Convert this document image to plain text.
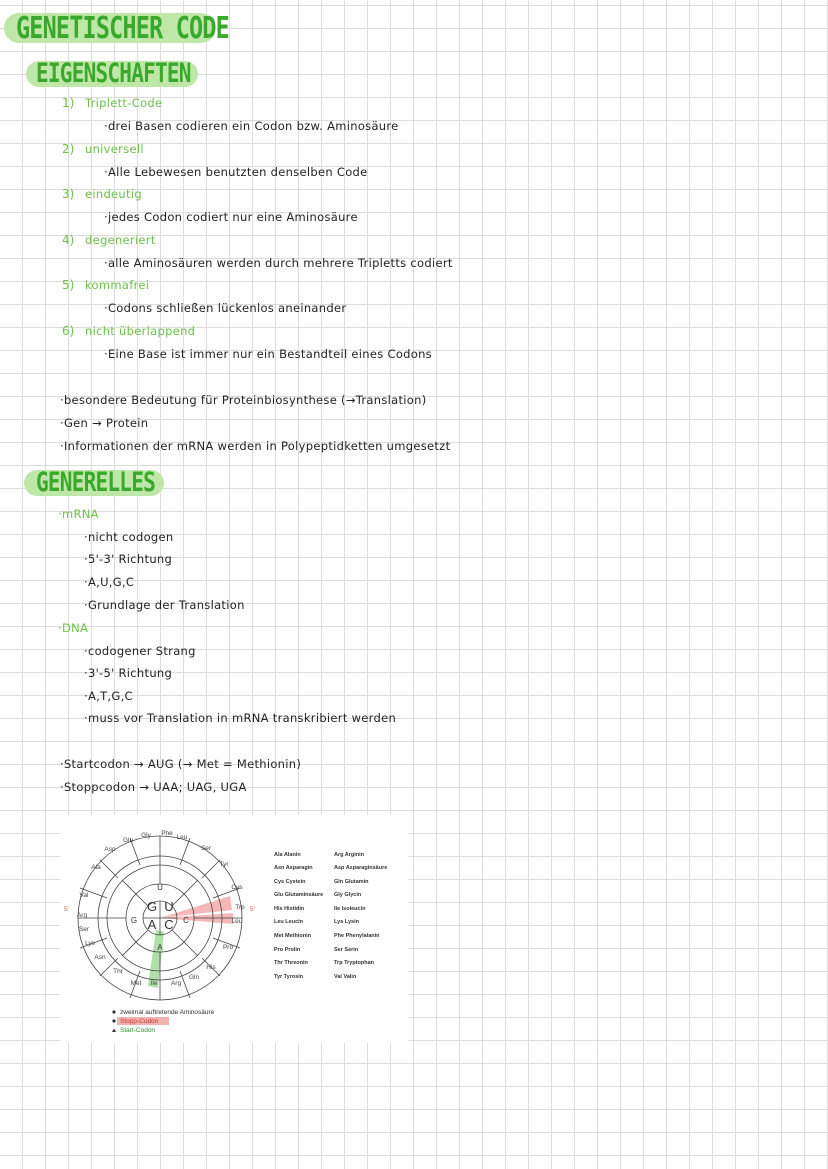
GENETISCHER CODE
EIGENSCHAFTEN
1) Triplett-Code
·drei Basen codieren ein Codon bzw. Aminosäure
2) universell
·Alle Lebewesen benutzten denselben Code
3) eindeutig
·jedes Codon codiert nur eine Aminosäure
4) degeneriert
·alle Aminosäuren werden durch mehrere Tripletts codiert
5) kommafrei
·Codons schließen lückenlos aneinander
6) nicht überlappend
·Eine Base ist immer nur ein Bestandteil eines Codons
·besondere Bedeutung für Proteinbiosynthese (→Translation)
·Gen → Protein
·Informationen der mRNA werden in Polypeptidketten umgesetzt
GENERELLES
·mRNA
·nicht codogen
·5'-3' Richtung
·A,U,G,C
·Grundlage der Translation
·DNA
·codogener Strang
·3'-5' Richtung
·A,T,G,C
·muss vor Translation in mRNA transkribiert werden
·Startcodon → AUG (→ Met = Methionin)
·Stoppcodon → UAA; UAG, UGA
G U
A C
U
C
A
G
Gly Phe
Leu
Ser
Tyr
Cys
Trp
Leu
Pro
His
Gln
Arg
Ile
Met
Thr
Asn
Lys
Ser
Arg
Val
Ala
Asp
Glu
5'	5'
Ala Alanin	Arg Arginin
Asn Asparagin	Asp Asparaginsäure
Cys Cystein	Gln Glutamin
Glu Glutaminsäure Gly Glycin
His Histidin	Ile Isoleucin
Leu Leucin	Lys Lysin
Met Methionin	Phe Phenylalanin
Pro Prolin	Ser Serin
Thr Threonin	Trp Tryptophan
Tyr Tyrosin	Val Valin
zweimal auftretende Aminosäure
Stopp-Codon
Start-Codon
